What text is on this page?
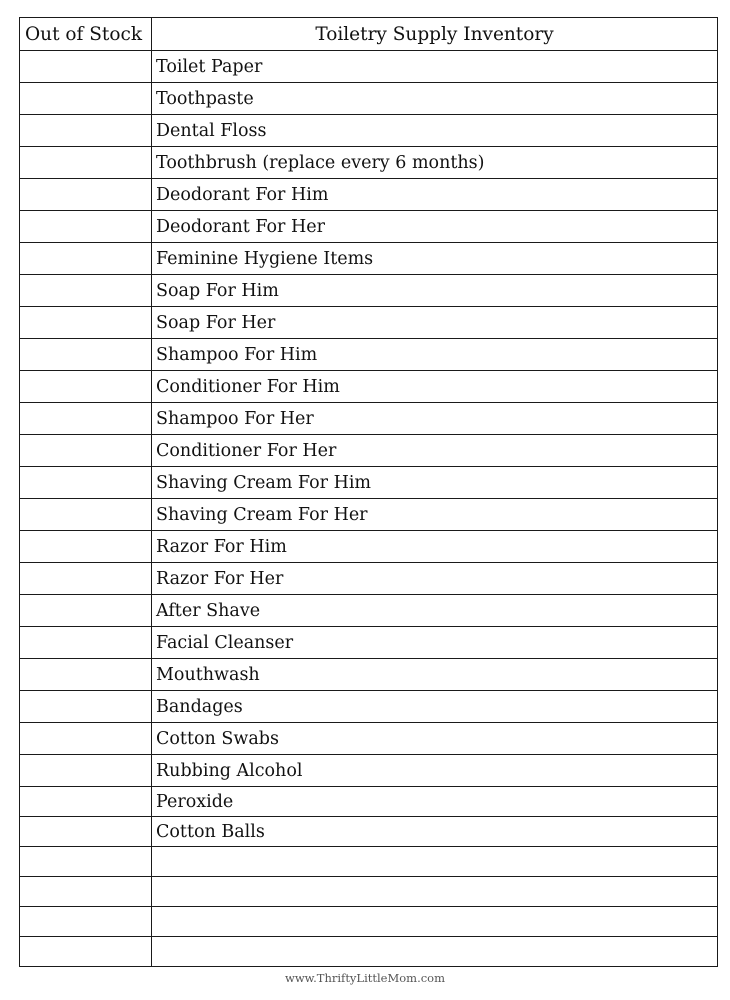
Out of Stock	Toiletry Supply Inventory
	Toilet Paper
	Toothpaste
	Dental Floss
	Toothbrush (replace every 6 months)
	Deodorant For Him
	Deodorant For Her
	Feminine Hygiene Items
	Soap For Him
	Soap For Her
	Shampoo For Him
	Conditioner For Him
	Shampoo For Her
	Conditioner For Her
	Shaving Cream For Him
	Shaving Cream For Her
	Razor For Him
	Razor For Her
	After Shave
	Facial Cleanser
	Mouthwash
	Bandages
	Cotton Swabs
	Rubbing Alcohol
	Peroxide
	Cotton Balls

www.ThriftyLittleMom.com
